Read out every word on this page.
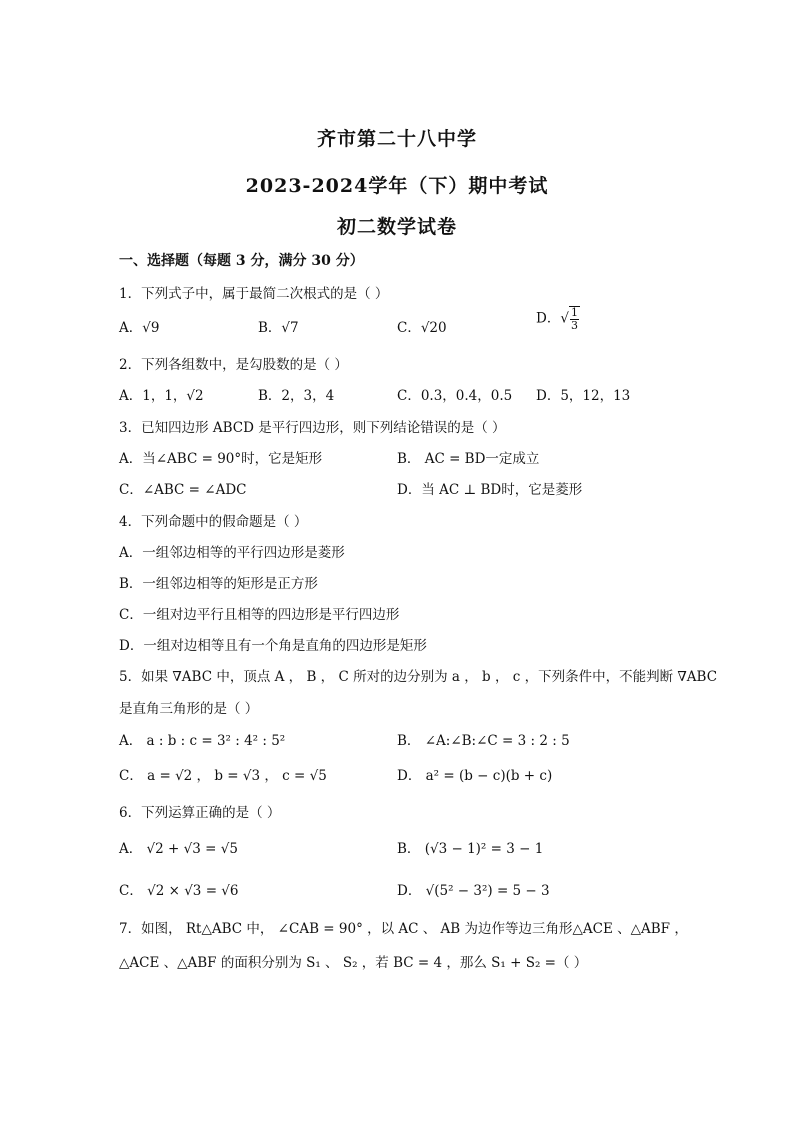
齐市第二十八中学
2023-2024学年（下）期中考试
初二数学试卷
一、选择题（每题 3 分，满分 30 分）
1．下列式子中，属于最简二次根式的是（ ）
A．√9	B．√7	C．√20
D．√ $\frac{1}{3}$
2．下列各组数中，是勾股数的是（ ）
A．1，1，√2	B．2，3，4	C．0.3，0.4，0.5 D．5，12，13
3．已知四边形 ABCD 是平行四边形，则下列结论错误的是（ ）
A．当∠ABC = 90°时，它是矩形	B． AC = BD一定成立
C．∠ABC = ∠ADC	D．当 AC ⊥ BD时，它是菱形
4．下列命题中的假命题是（ ）
A．一组邻边相等的平行四边形是菱形
B．一组邻边相等的矩形是正方形
C．一组对边平行且相等的四边形是平行四边形
D．一组对边相等且有一个角是直角的四边形是矩形
5．如果 ∇ABC 中，顶点 A ， B ， C 所对的边分别为 a ， b ， c ，下列条件中，不能判断 ∇ABC
是直角三角形的是（ ）
A． a : b : c = 3² : 4² : 5²	B． ∠A:∠B:∠C = 3 : 2 : 5
C． a = √2 ， b = √3 ， c = √5	D． a² = (b − c)(b + c)
6．下列运算正确的是（ ）
A． √2 + √3 = √5	B． (√3 − 1)² = 3 − 1
C． √2 × √3 = √6	D． √(5² − 3²) = 5 − 3
7．如图， Rt△ABC 中， ∠CAB = 90° ，以 AC 、 AB 为边作等边三角形△ACE 、△ABF ，
△ACE 、△ABF 的面积分别为 S₁ 、 S₂ ，若 BC = 4 ，那么 S₁ + S₂ =（ ）
